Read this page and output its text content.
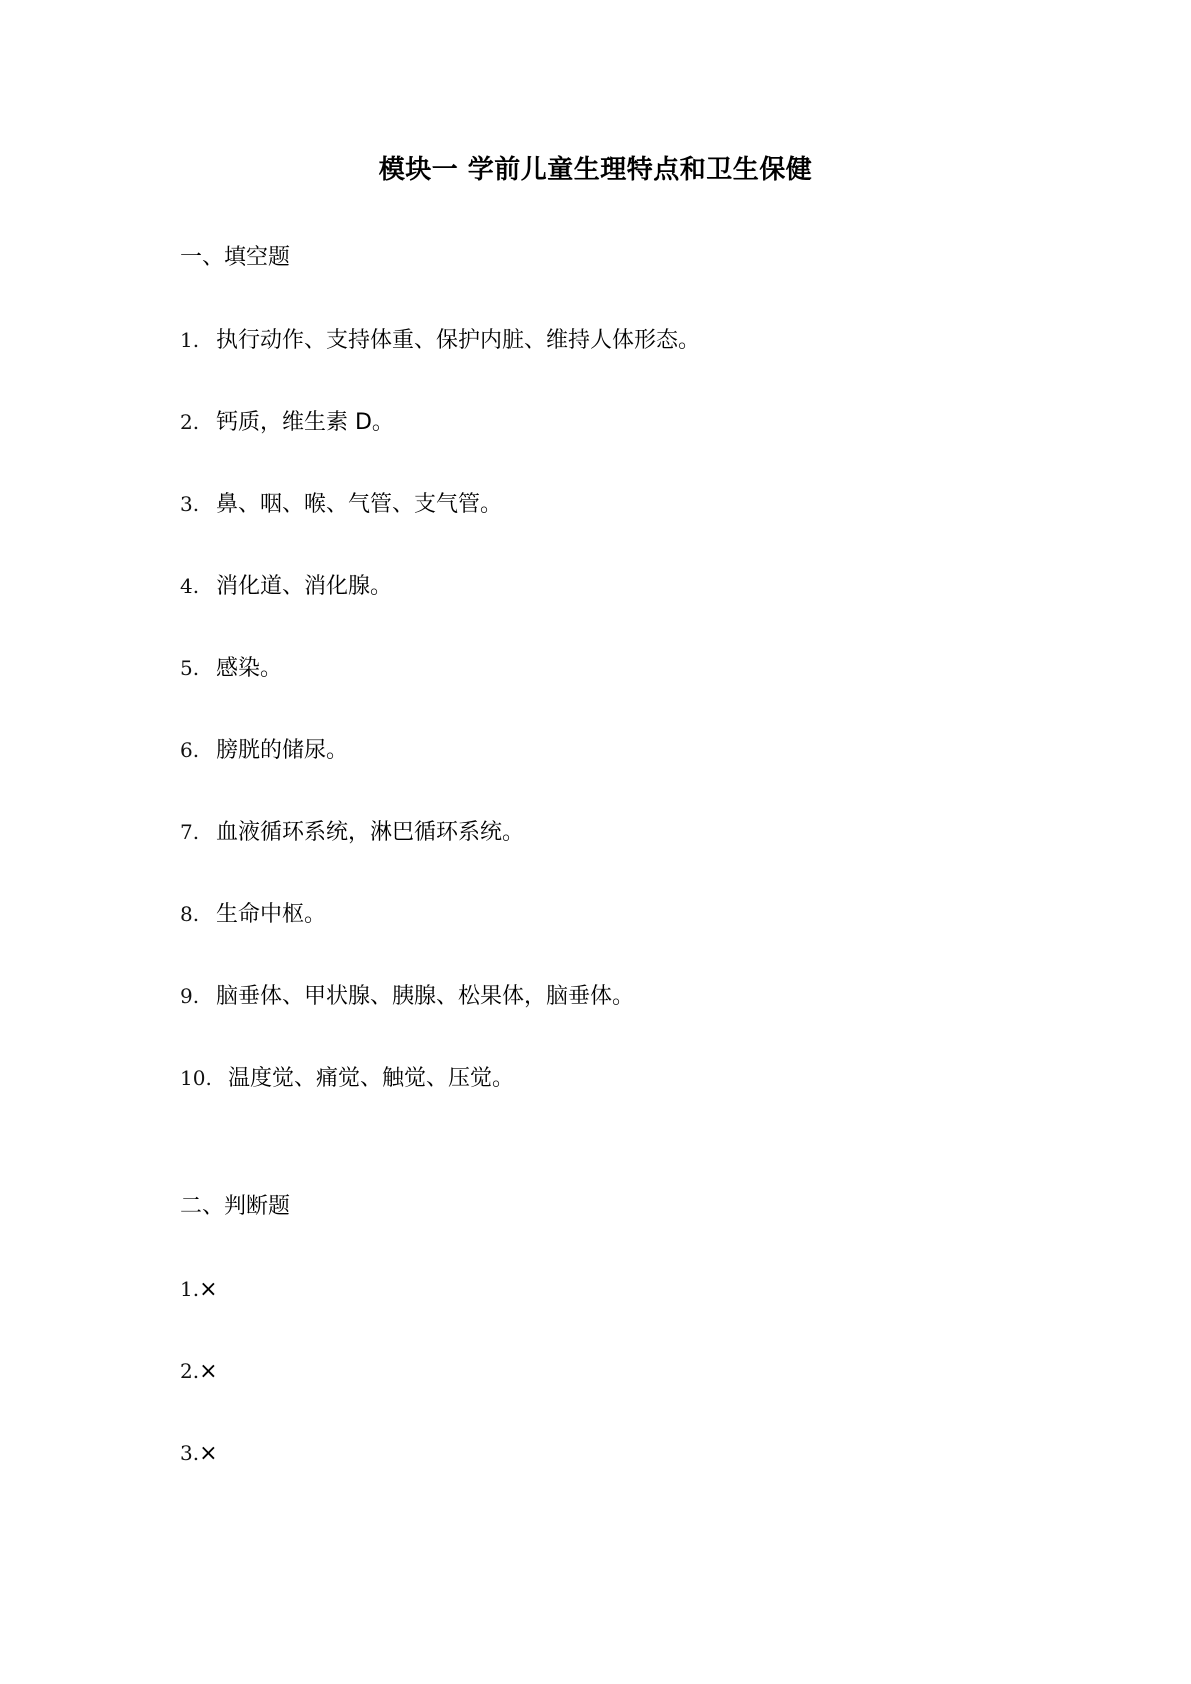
模块一 学前儿童生理特点和卫生保健
一、填空题
1. 执行动作、支持体重、保护内脏、维持人体形态。
2. 钙质，维生素 D。
3. 鼻、咽、喉、气管、支气管。
4. 消化道、消化腺。
5. 感染。
6. 膀胱的储尿。
7. 血液循环系统，淋巴循环系统。
8. 生命中枢。
9. 脑垂体、甲状腺、胰腺、松果体，脑垂体。
10. 温度觉、痛觉、触觉、压觉。
二、判断题
1.×
2.×
3.×
